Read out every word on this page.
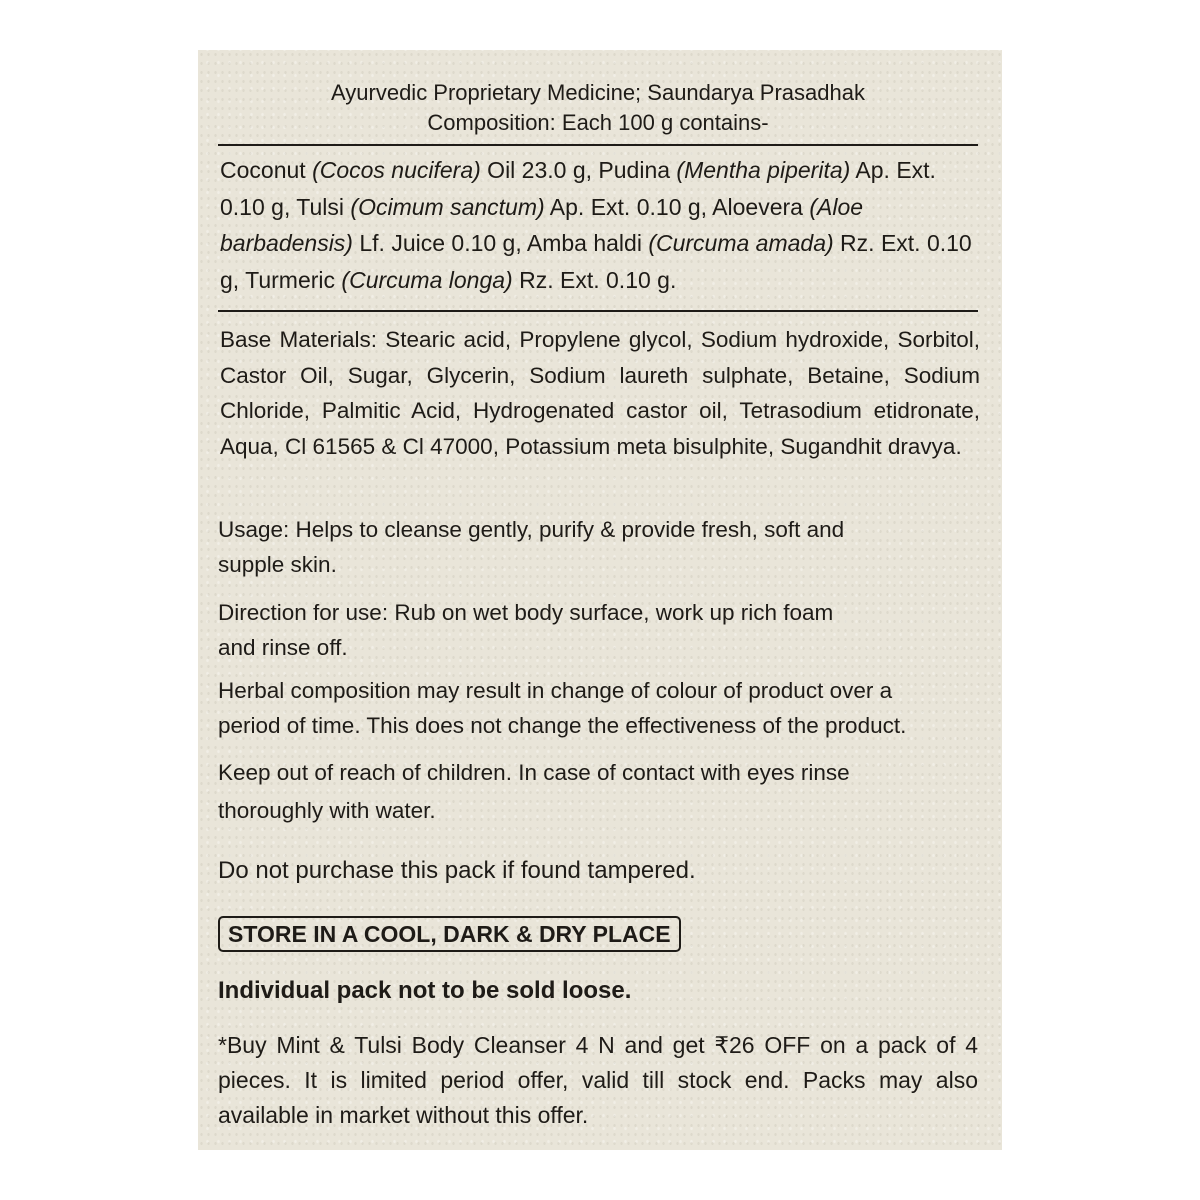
Ayurvedic Proprietary Medicine; Saundarya Prasadhak
Composition: Each 100 g contains-
Coconut (Cocos nucifera) Oil 23.0 g, Pudina (Mentha piperita) Ap. Ext. 0.10 g, Tulsi (Ocimum sanctum) Ap. Ext. 0.10 g, Aloevera (Aloe barbadensis) Lf. Juice 0.10 g, Amba haldi (Curcuma amada) Rz. Ext. 0.10 g, Turmeric (Curcuma longa) Rz. Ext. 0.10 g.
Base Materials: Stearic acid, Propylene glycol, Sodium hydroxide, Sorbitol, Castor Oil, Sugar, Glycerin, Sodium laureth sulphate, Betaine, Sodium Chloride, Palmitic Acid, Hydrogenated castor oil, Tetrasodium etidronate, Aqua, Cl 61565 & Cl 47000, Potassium meta bisulphite, Sugandhit dravya.
Usage: Helps to cleanse gently, purify & provide fresh, soft and
supple skin.
Direction for use: Rub on wet body surface, work up rich foam
and rinse off.
Herbal composition may result in change of colour of product over a
period of time. This does not change the effectiveness of the product.
Keep out of reach of children. In case of contact with eyes rinse
thoroughly with water.
Do not purchase this pack if found tampered.
STORE IN A COOL, DARK & DRY PLACE
Individual pack not to be sold loose.
*Buy Mint & Tulsi Body Cleanser 4 N and get ₹26 OFF on a pack of 4 pieces. It is limited period offer, valid till stock end. Packs may also available in market without this offer.
